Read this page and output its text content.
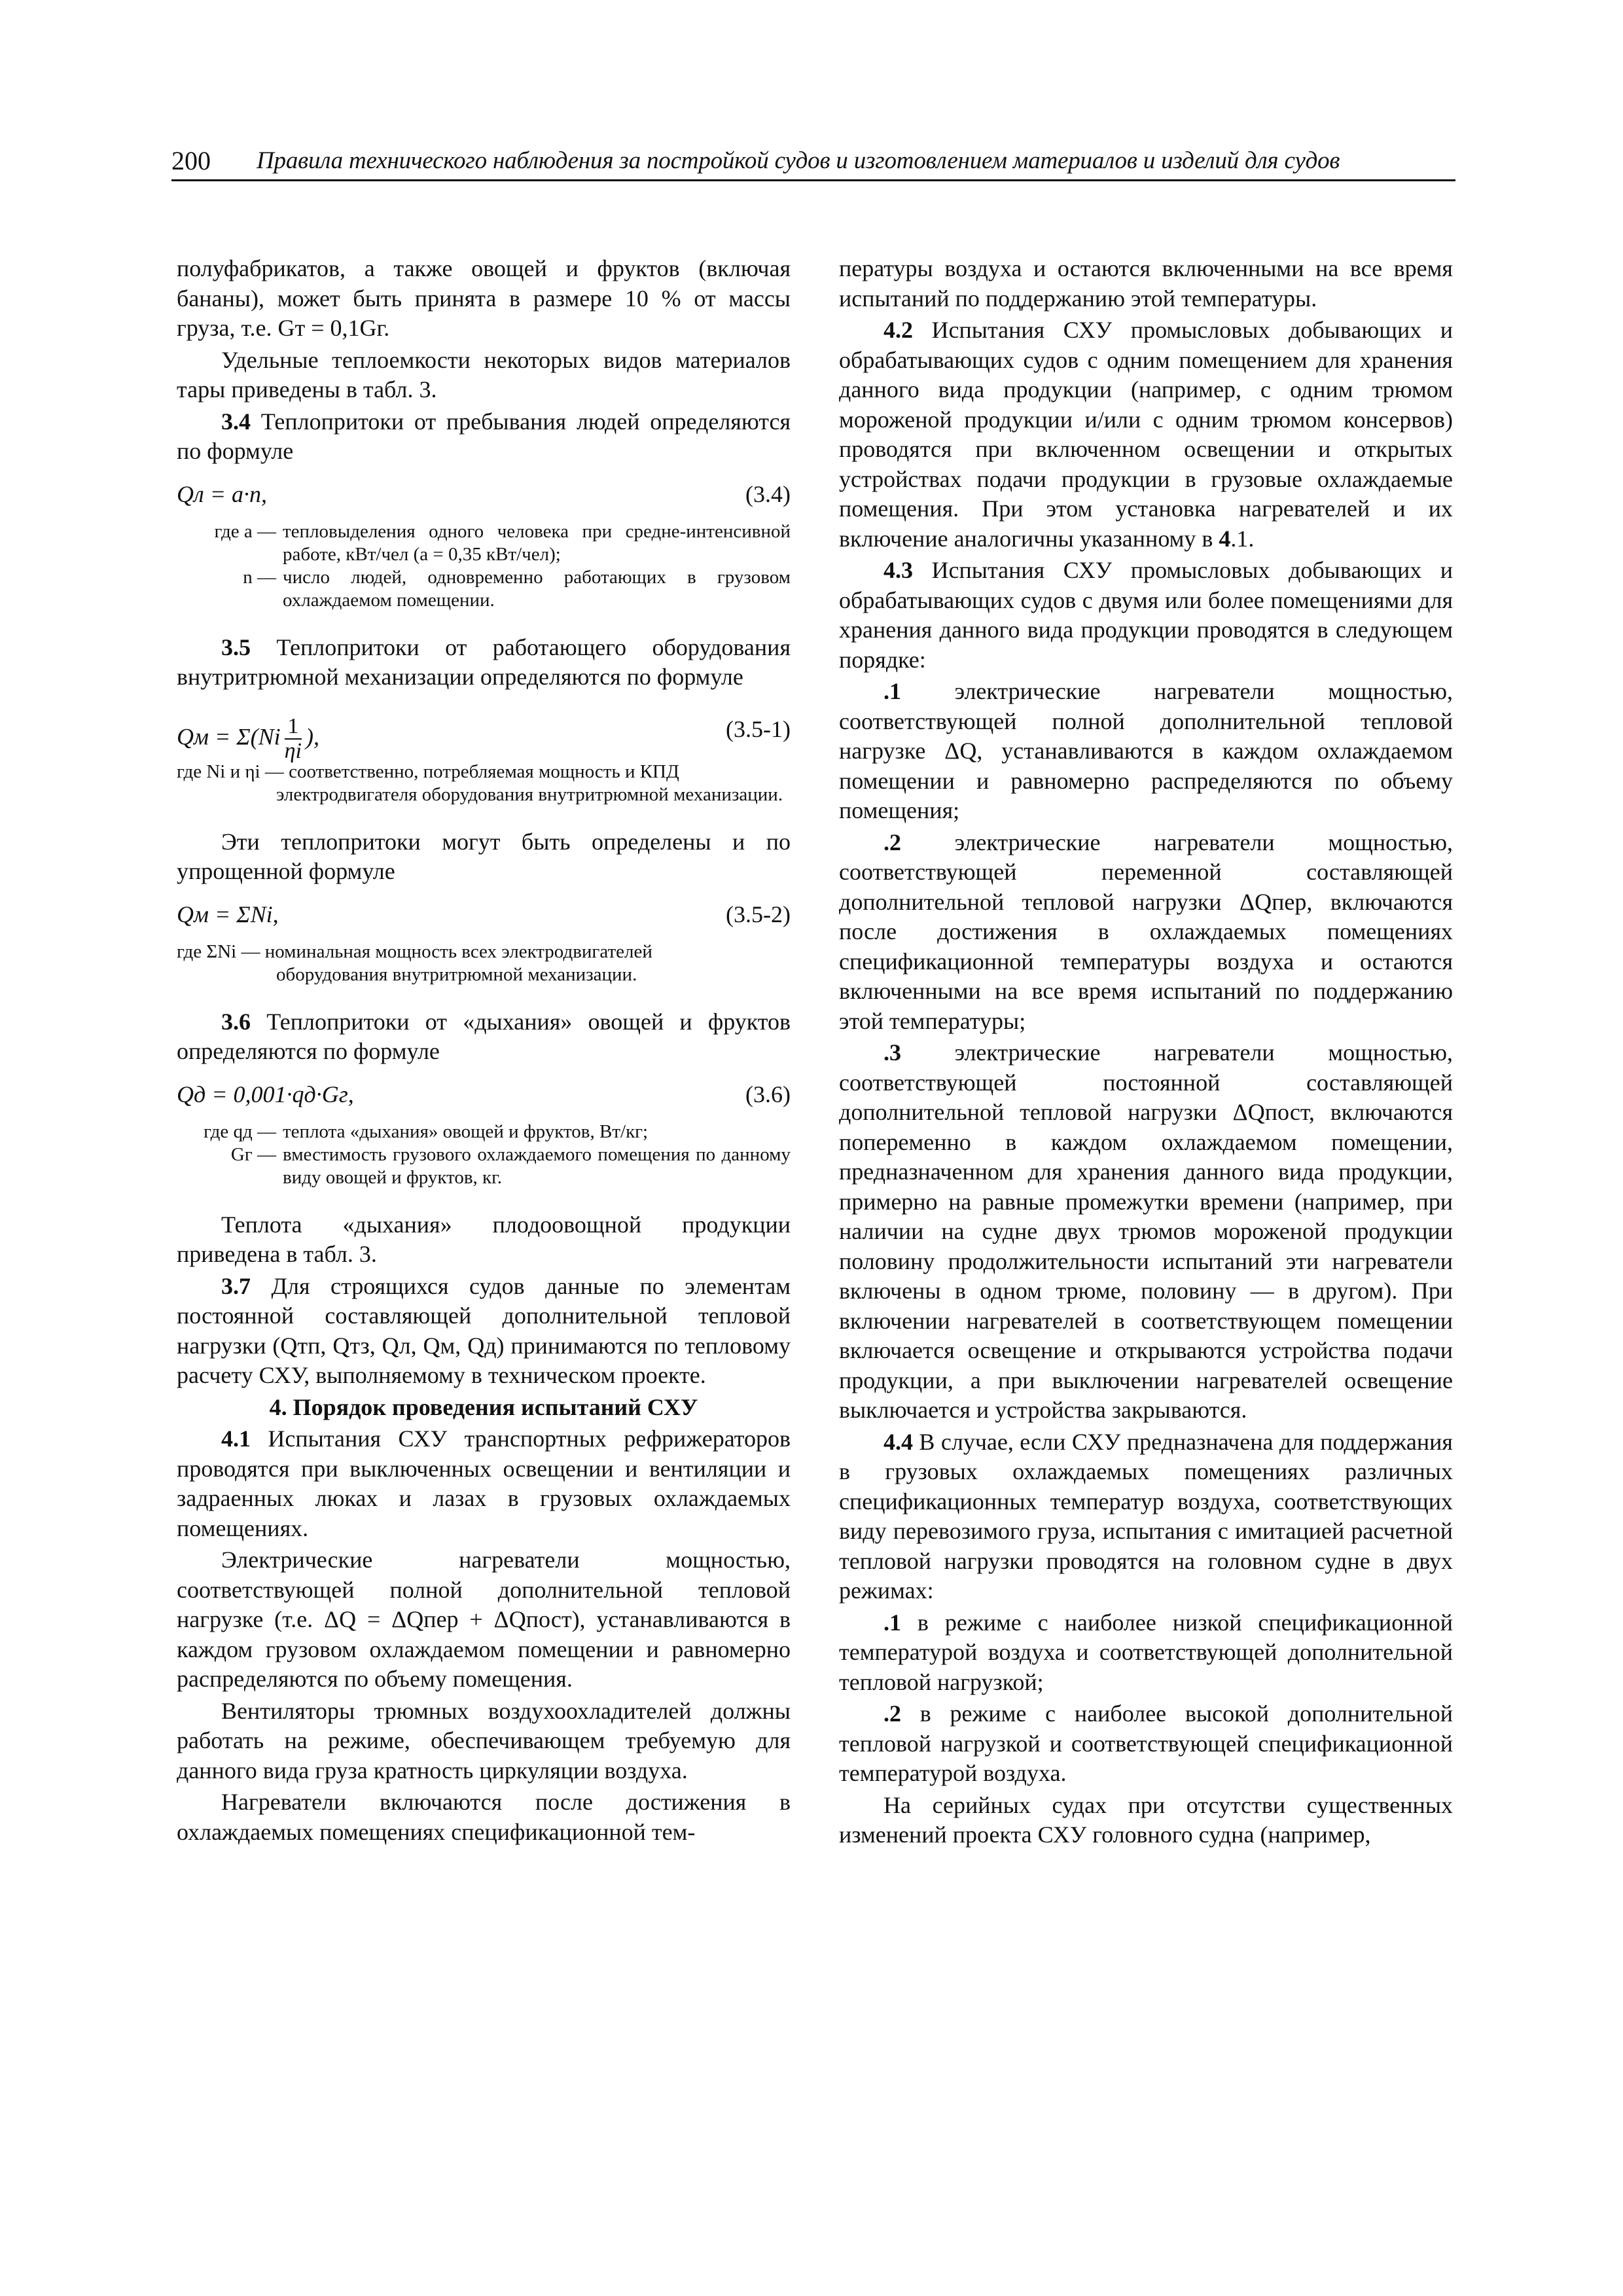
200 Правила технического наблюдения за постройкой судов и изготовлением материалов и изделий для судов

полуфабрикатов, а также овощей и фруктов (включая бананы), может быть принята в размере 10 % от массы груза, т.е. Gт = 0,1Gг.

Удельные теплоемкости некоторых видов материалов тары приведены в табл. 3.

3.4 Теплопритоки от пребывания людей определяются по формуле

Qл = a·n,	(3.4)
где a — тепловыделения одного человека при средне-интенсивной работе, кВт/чел (a = 0,35 кВт/чел);
n — число людей, одновременно работающих в грузовом охлаждаемом помещении.

3.5 Теплопритоки от работающего оборудования внутритрюмной механизации определяются по формуле

Qм = $\Sigma(Ni \frac{1}{\eta i}$ ),	(3.5-1)
где Ni и ηi — соответственно, потребляемая мощность и КПД
электродвигателя оборудования внутритрюмной механизации.

Эти теплопритоки могут быть определены и по упрощенной формуле

Qм = ΣNi,	(3.5-2)
где ΣNi — номинальная мощность всех электродвигателей
оборудования внутритрюмной механизации.

3.6 Теплопритоки от «дыхания» овощей и фруктов определяются по формуле

Qд = 0,001·qд·Gг,	(3.6)
где qд — теплота «дыхания» овощей и фруктов, Вт/кг;
Gг — вместимость грузового охлаждаемого помещения по данному виду овощей и фруктов, кг.

Теплота «дыхания» плодоовощной продукции приведена в табл. 3.

3.7 Для строящихся судов данные по элементам постоянной составляющей дополнительной тепловой нагрузки (Qтп, Qтз, Qл, Qм, Qд) принимаются по тепловому расчету СХУ, выполняемому в техническом проекте.

4. Порядок проведения испытаний СХУ

4.1 Испытания СХУ транспортных рефрижераторов проводятся при выключенных освещении и вентиляции и задраенных люках и лазах в грузовых охлаждаемых помещениях.

Электрические нагреватели мощностью, соответствующей полной дополнительной тепловой нагрузке (т.е. ΔQ = ΔQпер + ΔQпост), устанавливаются в каждом грузовом охлаждаемом помещении и равномерно распределяются по объему помещения.

Вентиляторы трюмных воздухоохладителей должны работать на режиме, обеспечивающем требуемую для данного вида груза кратность циркуляции воздуха.

Нагреватели включаются после достижения в охлаждаемых помещениях спецификационной тем-

пературы воздуха и остаются включенными на все время испытаний по поддержанию этой температуры.

4.2 Испытания СХУ промысловых добывающих и обрабатывающих судов с одним помещением для хранения данного вида продукции (например, с одним трюмом мороженой продукции и/или с одним трюмом консервов) проводятся при включенном освещении и открытых устройствах подачи продукции в грузовые охлаждаемые помещения. При этом установка нагревателей и их включение аналогичны указанному в 4.1.

4.3 Испытания СХУ промысловых добывающих и обрабатывающих судов с двумя или более помещениями для хранения данного вида продукции проводятся в следующем порядке:

.1 электрические нагреватели мощностью, соответствующей полной дополнительной тепловой нагрузке ΔQ, устанавливаются в каждом охлаждаемом помещении и равномерно распределяются по объему помещения;

.2 электрические нагреватели мощностью, соответствующей переменной составляющей дополнительной тепловой нагрузки ΔQпер, включаются после достижения в охлаждаемых помещениях спецификационной температуры воздуха и остаются включенными на все время испытаний по поддержанию этой температуры;

.3 электрические нагреватели мощностью, соответствующей постоянной составляющей дополнительной тепловой нагрузки ΔQпост, включаются попеременно в каждом охлаждаемом помещении, предназначенном для хранения данного вида продукции, примерно на равные промежутки времени (например, при наличии на судне двух трюмов мороженой продукции половину продолжительности испытаний эти нагреватели включены в одном трюме, половину — в другом). При включении нагревателей в соответствующем помещении включается освещение и открываются устройства подачи продукции, а при выключении нагревателей освещение выключается и устройства закрываются.

4.4 В случае, если СХУ предназначена для поддержания в грузовых охлаждаемых помещениях различных спецификационных температур воздуха, соответствующих виду перевозимого груза, испытания с имитацией расчетной тепловой нагрузки проводятся на головном судне в двух режимах:

.1 в режиме с наиболее низкой спецификационной температурой воздуха и соответствующей дополнительной тепловой нагрузкой;

.2 в режиме с наиболее высокой дополнительной тепловой нагрузкой и соответствующей спецификационной температурой воздуха.

На серийных судах при отсутстви существенных изменений проекта СХУ головного судна (например,
